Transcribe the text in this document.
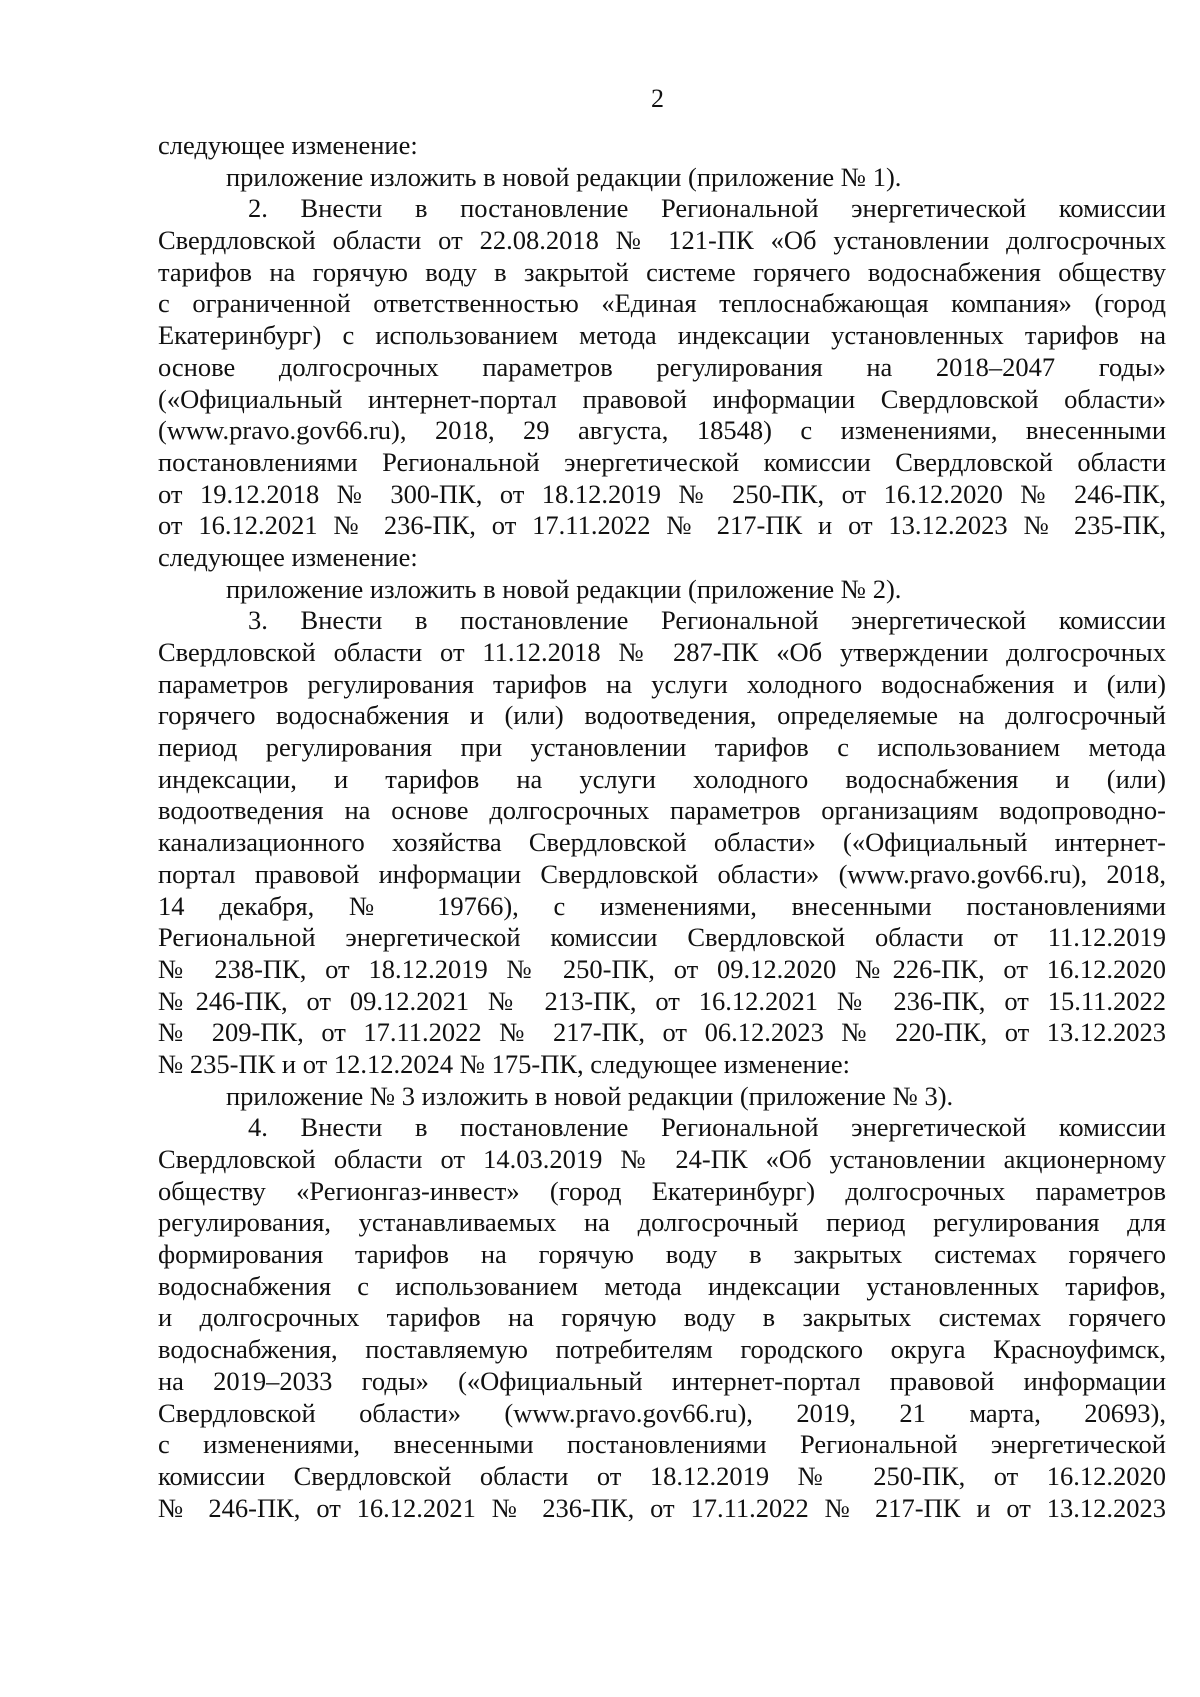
2
следующее изменение:
приложение изложить в новой редакции (приложение № 1).
2. Внести в постановление Региональной энергетической комиссии
Свердловской области от 22.08.2018 № 121-ПК «Об установлении долгосрочных
тарифов на горячую воду в закрытой системе горячего водоснабжения обществу
с ограниченной ответственностью «Единая теплоснабжающая компания» (город
Екатеринбург) с использованием метода индексации установленных тарифов на
основе долгосрочных параметров регулирования на 2018–2047 годы»
(«Официальный интернет-портал правовой информации Свердловской области»
(www.pravo.gov66.ru), 2018, 29 августа, 18548) с изменениями, внесенными
постановлениями Региональной энергетической комиссии Свердловской области
от 19.12.2018 № 300-ПК, от 18.12.2019 № 250-ПК, от 16.12.2020 № 246-ПК,
от 16.12.2021 № 236-ПК, от 17.11.2022 № 217-ПК и от 13.12.2023 № 235-ПК,
следующее изменение:
приложение изложить в новой редакции (приложение № 2).
3. Внести в постановление Региональной энергетической комиссии
Свердловской области от 11.12.2018 № 287-ПК «Об утверждении долгосрочных
параметров регулирования тарифов на услуги холодного водоснабжения и (или)
горячего водоснабжения и (или) водоотведения, определяемые на долгосрочный
период регулирования при установлении тарифов с использованием метода
индексации, и тарифов на услуги холодного водоснабжения и (или)
водоотведения на основе долгосрочных параметров организациям водопроводно-
канализационного хозяйства Свердловской области» («Официальный интернет-
портал правовой информации Свердловской области» (www.pravo.gov66.ru), 2018,
14 декабря, № 19766), с изменениями, внесенными постановлениями
Региональной энергетической комиссии Свердловской области от 11.12.2019
№ 238-ПК, от 18.12.2019 № 250-ПК, от 09.12.2020 №226-ПК, от 16.12.2020
№246-ПК, от 09.12.2021 № 213-ПК, от 16.12.2021 № 236-ПК, от 15.11.2022
№ 209-ПК, от 17.11.2022 № 217-ПК, от 06.12.2023 № 220-ПК, от 13.12.2023
№ 235-ПК и от 12.12.2024 № 175-ПК, следующее изменение:
приложение № 3 изложить в новой редакции (приложение № 3).
4. Внести в постановление Региональной энергетической комиссии
Свердловской области от 14.03.2019 № 24-ПК «Об установлении акционерному
обществу «Регионгаз-инвест» (город Екатеринбург) долгосрочных параметров
регулирования, устанавливаемых на долгосрочный период регулирования для
формирования тарифов на горячую воду в закрытых системах горячего
водоснабжения с использованием метода индексации установленных тарифов,
и долгосрочных тарифов на горячую воду в закрытых системах горячего
водоснабжения, поставляемую потребителям городского округа Красноуфимск,
на 2019–2033 годы» («Официальный интернет-портал правовой информации
Свердловской области» (www.pravo.gov66.ru), 2019, 21 марта, 20693),
с изменениями, внесенными постановлениями Региональной энергетической
комиссии Свердловской области от 18.12.2019 № 250-ПК, от 16.12.2020
№ 246-ПК, от 16.12.2021 № 236-ПК, от 17.11.2022 № 217-ПК и от 13.12.2023
